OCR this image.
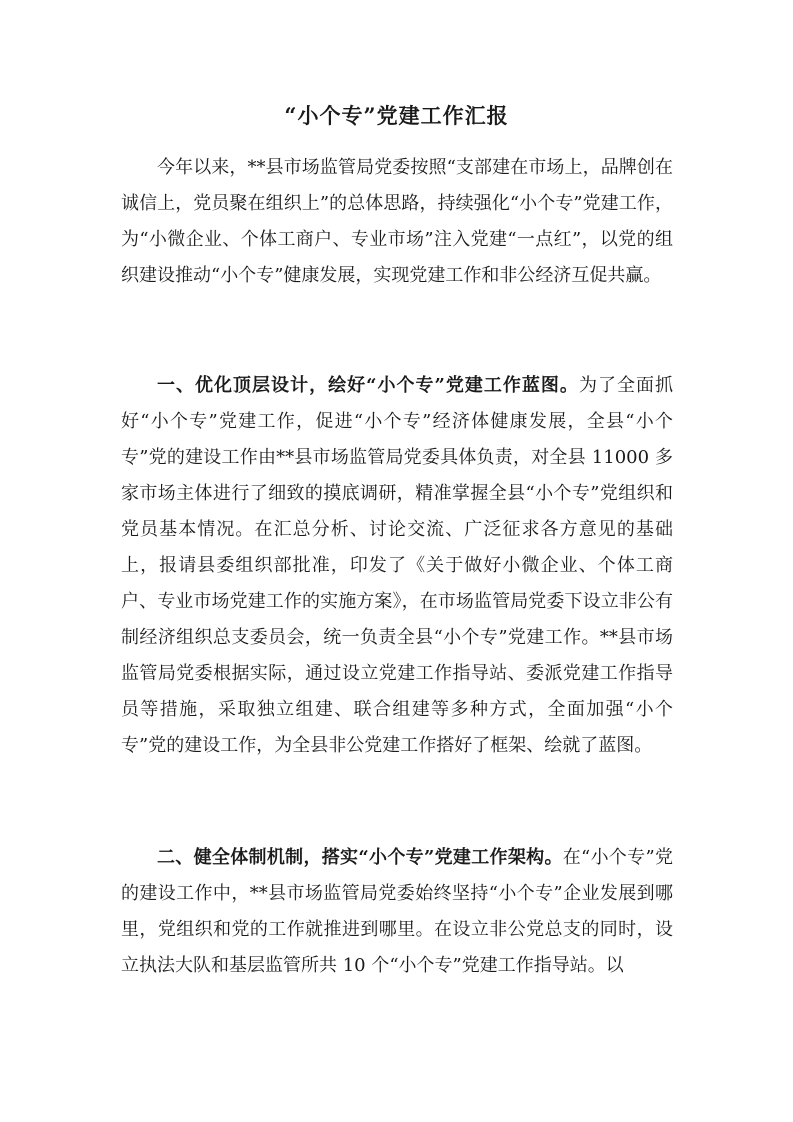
“小个专”党建工作汇报

今年以来，**县市场监管局党委按照“支部建在市场上，品牌创在诚信上，党员聚在组织上”的总体思路，持续强化“小个专”党建工作，为“小微企业、个体工商户、专业市场”注入党建“一点红”，以党的组织建设推动“小个专”健康发展，实现党建工作和非公经济互促共赢。

一、优化顶层设计，绘好“小个专”党建工作蓝图。为了全面抓好“小个专”党建工作，促进“小个专”经济体健康发展，全县“小个专”党的建设工作由**县市场监管局党委具体负责，对全县 11000 多家市场主体进行了细致的摸底调研，精准掌握全县“小个专”党组织和党员基本情况。在汇总分析、讨论交流、广泛征求各方意见的基础上，报请县委组织部批准，印发了《关于做好小微企业、个体工商户、专业市场党建工作的实施方案》，在市场监管局党委下设立非公有制经济组织总支委员会，统一负责全县“小个专”党建工作。**县市场监管局党委根据实际，通过设立党建工作指导站、委派党建工作指导员等措施，采取独立组建、联合组建等多种方式，全面加强“小个专”党的建设工作，为全县非公党建工作搭好了框架、绘就了蓝图。

二、健全体制机制，搭实“小个专”党建工作架构。在“小个专”党的建设工作中，**县市场监管局党委始终坚持“小个专”企业发展到哪里，党组织和党的工作就推进到哪里。在设立非公党总支的同时，设立执法大队和基层监管所共 10 个“小个专”党建工作指导站。以
